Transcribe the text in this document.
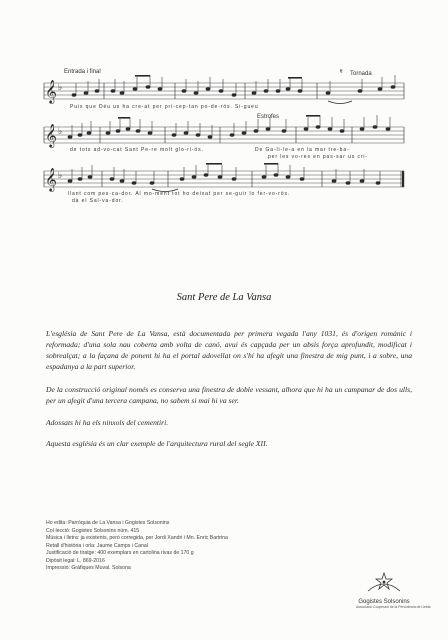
𝄞
𝄞
𝄞
♭
♭
♭
Entrada i final	𝄋 Tornada
Estrofes
Puix que Déu us ha cre-at per pri-cep-tan po-de-rós. Si-gueu
de tots ad-vo-cat Sant Pe-re molt glo-ri-ós.	De Ga-li-le-a en la mar tre-ba-
per les vo-res en pas-sar us cri-
llant com pes-ca-dor. Al mo-ment tot ho deixat per se-guir lo fer-vo-rós.
dà el Sal-va-dor.
Sant Pere de La Vansa

L'església de Sant Pere de La Vansa, està documentada per primera vegada l'any 1031, és d'origen romànic i reformada; d'una sola nau coberta amb volta de canó, avui és capçada per un absis força aprofundit, modificat i sobrealçat; a la façana de ponent hi ha el portal adovellat on s'hi ha afegit una finestra de mig punt, i a sobre, una espadanya a la part superior.

De la construcció original només es conserva una finestra de doble vessant, alhora que hi ha un campanar de dos ulls, per un afegit d'una tercera campana, no sabem si mai hi va ser.

Adossats hi ha els ninxols del cementiri.

Aquesta església és un clar exemple de l'arquitectura rural del segle XII.

Ho edita: Parròquia de La Vansa i Gogistes Solsonins
Col·lecció: Gogistes Solsonins núm. 415
Música i lletra: ja existents, però corregida, per Jordi Xandri i Mn. Enric Bartrina
Retall d'història i orla: Jaume Camps i Canal
Justificació de tiratge: 400 exemplars en cartolina rivas de 170 g
Dipòsit legal: L. 869-2016
Impressió: Gràfiques Muval. Solsona
Gogistes Solsonins
Associació Cooperant de la Pervivència de Lleida
